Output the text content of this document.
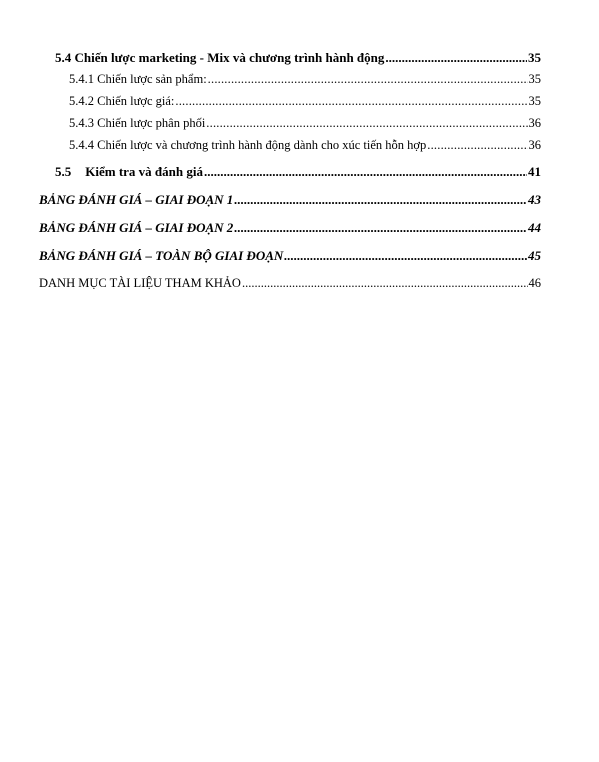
5.4 Chiến lược marketing - Mix và chương trình hành động .....	35
5.4.1 Chiến lược sản phẩm: .....	35
5.4.2 Chiến lược giá: .....	35
5.4.3 Chiến lược phân phối .....	36
5.4.4 Chiến lược và chương trình hành động dành cho xúc tiến hỗn hợp .....	36
5.5 Kiểm tra và đánh giá .....	41
BẢNG ĐÁNH GIÁ – GIAI ĐOẠN 1 .....	43
BẢNG ĐÁNH GIÁ – GIAI ĐOẠN 2 .....	44
BẢNG ĐÁNH GIÁ – TOÀN BỘ GIAI ĐOẠN .....	45
DANH MỤC TÀI LIỆU THAM KHẢO .....	46
